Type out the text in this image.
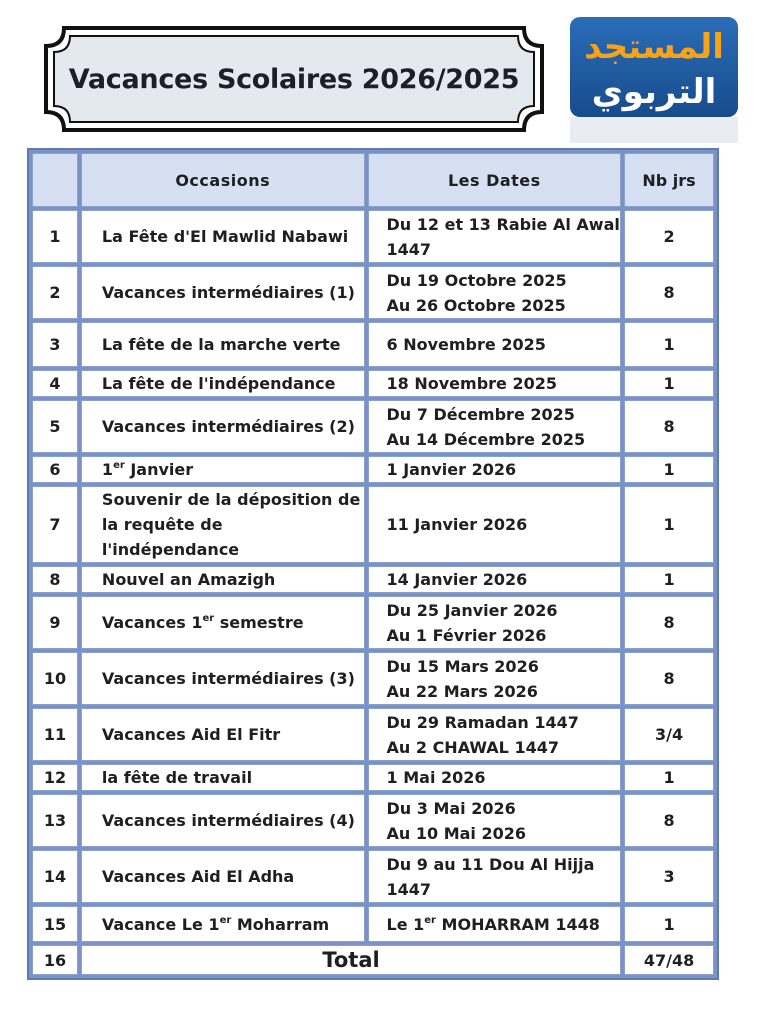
Vacances Scolaires 2026/2025
المستجد
التربوي
	Occasions	Les Dates	Nb jrs
1	La Fête d'El Mawlid Nabawi	Du 12 et 13 Rabie Al Awal
1447	2
2	Vacances intermédiaires (1)	Du 19 Octobre 2025
Au 26 Octobre 2025	8
3	La fête de la marche verte	6 Novembre 2025	1
4	La fête de l'indépendance	18 Novembre 2025	1
5	Vacances intermédiaires (2)	Du 7 Décembre 2025
Au 14 Décembre 2025	8
6	1er Janvier	1 Janvier 2026	1
7	Souvenir de la déposition de
la requête de l'indépendance	11 Janvier 2026	1
8	Nouvel an Amazigh	14 Janvier 2026	1
9	Vacances 1er semestre	Du 25 Janvier 2026
Au 1 Février 2026	8
10	Vacances intermédiaires (3)	Du 15 Mars 2026
Au 22 Mars 2026	8
11	Vacances Aid El Fitr	Du 29 Ramadan 1447
Au 2 CHAWAL 1447	3/4
12	la fête de travail	1 Mai 2026	1
13	Vacances intermédiaires (4)	Du 3 Mai 2026
Au 10 Mai 2026	8
14	Vacances Aid El Adha	Du 9 au 11 Dou Al Hijja
1447	3
15	Vacance Le 1er Moharram	Le 1er MOHARRAM 1448	1
16	Total		47/48
